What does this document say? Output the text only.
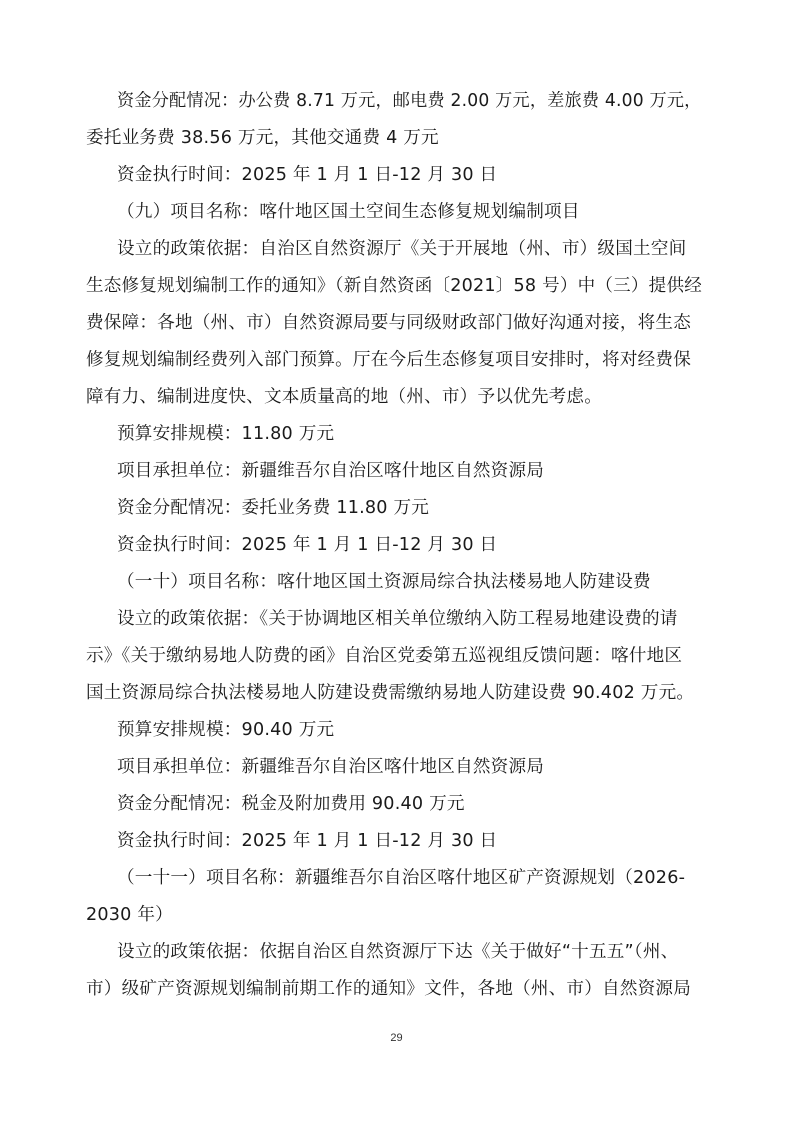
资金分配情况：办公费 8.71 万元，邮电费 2.00 万元，差旅费 4.00 万元，
委托业务费 38.56 万元，其他交通费 4 万元
资金执行时间：2025 年 1 月 1 日-12 月 30 日
（九）项目名称：喀什地区国土空间生态修复规划编制项目
设立的政策依据：自治区自然资源厅《关于开展地（州、市）级国土空间
生态修复规划编制工作的通知》（新自然资函〔2021〕58 号）中（三）提供经
费保障：各地（州、市）自然资源局要与同级财政部门做好沟通对接，将生态
修复规划编制经费列入部门预算。厅在今后生态修复项目安排时，将对经费保
障有力、编制进度快、文本质量高的地（州、市）予以优先考虑。
预算安排规模：11.80 万元
项目承担单位：新疆维吾尔自治区喀什地区自然资源局
资金分配情况：委托业务费 11.80 万元
资金执行时间：2025 年 1 月 1 日-12 月 30 日
（一十）项目名称：喀什地区国土资源局综合执法楼易地人防建设费
设立的政策依据：《关于协调地区相关单位缴纳入防工程易地建设费的请
示》《关于缴纳易地人防费的函》自治区党委第五巡视组反馈问题：喀什地区
国土资源局综合执法楼易地人防建设费需缴纳易地人防建设费 90.402 万元。
预算安排规模：90.40 万元
项目承担单位：新疆维吾尔自治区喀什地区自然资源局
资金分配情况：税金及附加费用 90.40 万元
资金执行时间：2025 年 1 月 1 日-12 月 30 日
（一十一）项目名称：新疆维吾尔自治区喀什地区矿产资源规划（2026-
2030 年）
设立的政策依据：依据自治区自然资源厅下达《关于做好“十五五”（州、
市）级矿产资源规划编制前期工作的通知》文件，各地（州、市）自然资源局
29
